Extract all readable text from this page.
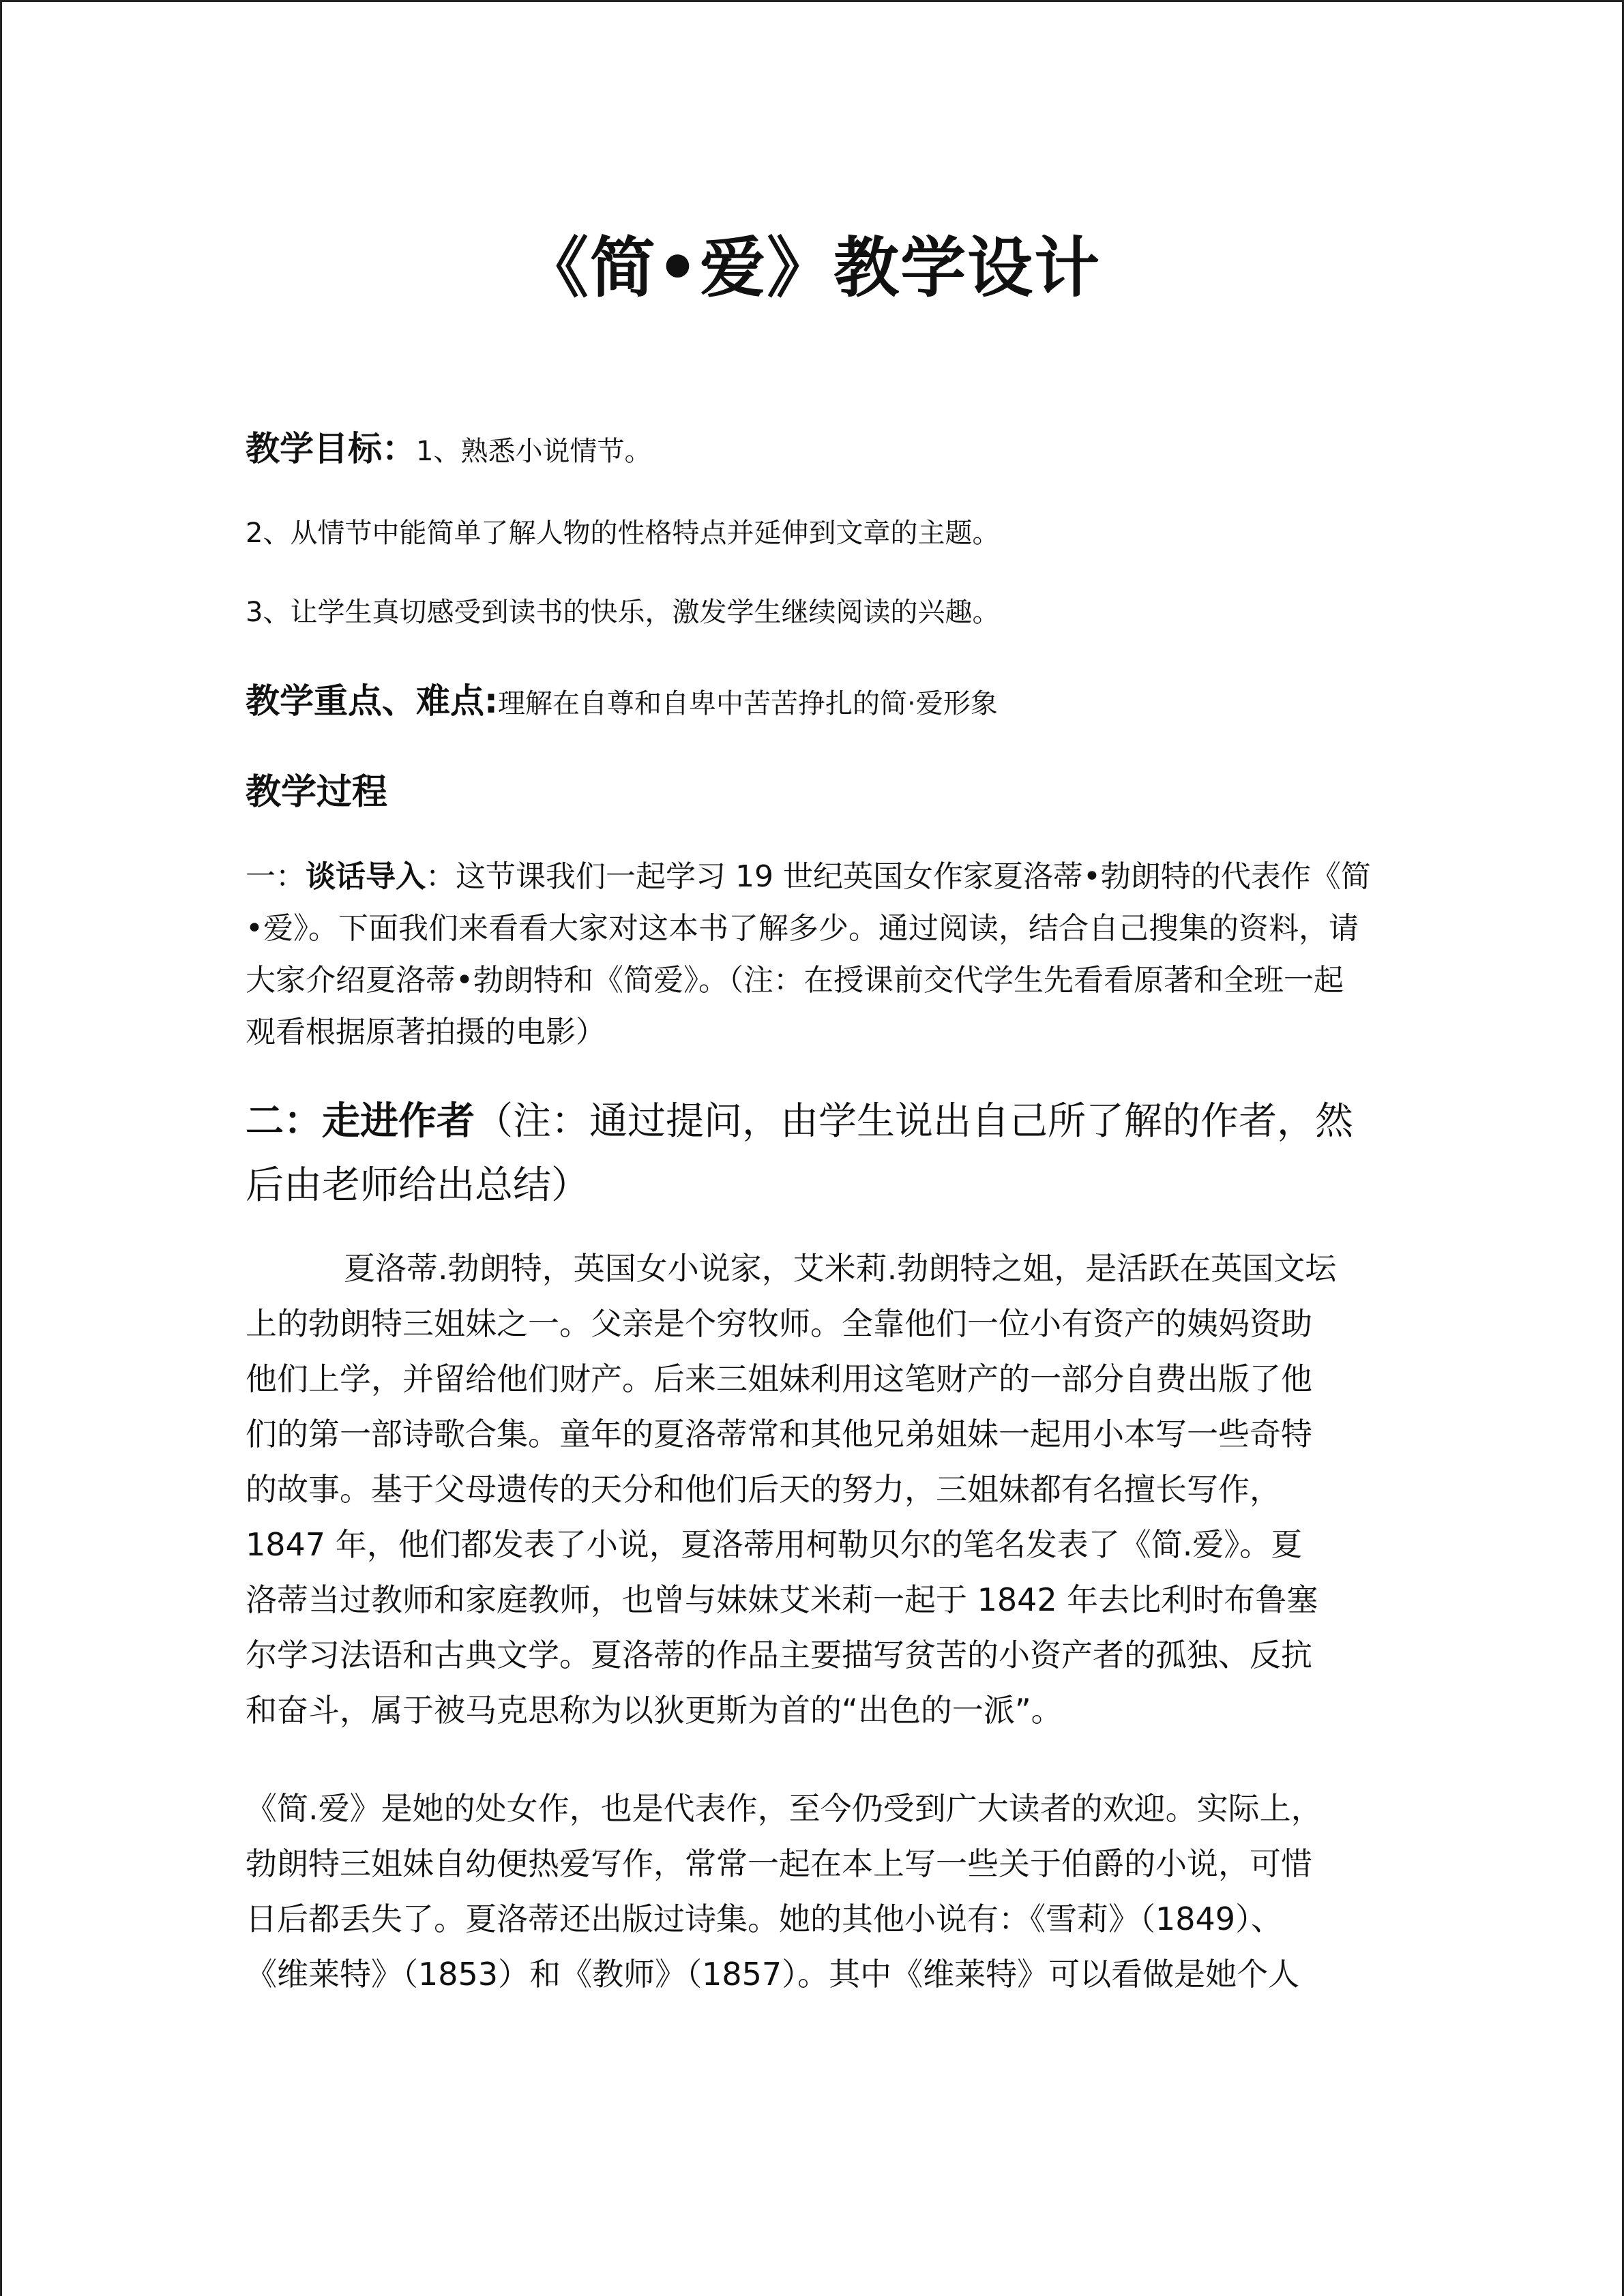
《简•爱》教学设计

教学目标：1、熟悉小说情节。

2、从情节中能简单了解人物的性格特点并延伸到文章的主题。

3、让学生真切感受到读书的快乐，激发学生继续阅读的兴趣。

教学重点、难点:理解在自尊和自卑中苦苦挣扎的简·爱形象

教学过程

一：谈话导入：这节课我们一起学习 19 世纪英国女作家夏洛蒂•勃朗特的代表作《简
•爱》。下面我们来看看大家对这本书了解多少。通过阅读，结合自己搜集的资料，请
大家介绍夏洛蒂•勃朗特和《简爱》。（注：在授课前交代学生先看看原著和全班一起
观看根据原著拍摄的电影）
二：走进作者（注：通过提问，由学生说出自己所了解的作者，然
后由老师给出总结）
夏洛蒂.勃朗特，英国女小说家，艾米莉.勃朗特之姐，是活跃在英国文坛
上的勃朗特三姐妹之一。父亲是个穷牧师。全靠他们一位小有资产的姨妈资助
他们上学，并留给他们财产。后来三姐妹利用这笔财产的一部分自费出版了他
们的第一部诗歌合集。童年的夏洛蒂常和其他兄弟姐妹一起用小本写一些奇特
的故事。基于父母遗传的天分和他们后天的努力，三姐妹都有名擅长写作，
1847 年，他们都发表了小说，夏洛蒂用柯勒贝尔的笔名发表了《简.爱》。夏
洛蒂当过教师和家庭教师，也曾与妹妹艾米莉一起于 1842 年去比利时布鲁塞
尔学习法语和古典文学。夏洛蒂的作品主要描写贫苦的小资产者的孤独、反抗
和奋斗，属于被马克思称为以狄更斯为首的“出色的一派”。
《简.爱》是她的处女作，也是代表作，至今仍受到广大读者的欢迎。实际上，
勃朗特三姐妹自幼便热爱写作，常常一起在本上写一些关于伯爵的小说，可惜
日后都丢失了。夏洛蒂还出版过诗集。她的其他小说有：《雪莉》（1849）、
《维莱特》（1853）和《教师》（1857）。其中《维莱特》可以看做是她个人
